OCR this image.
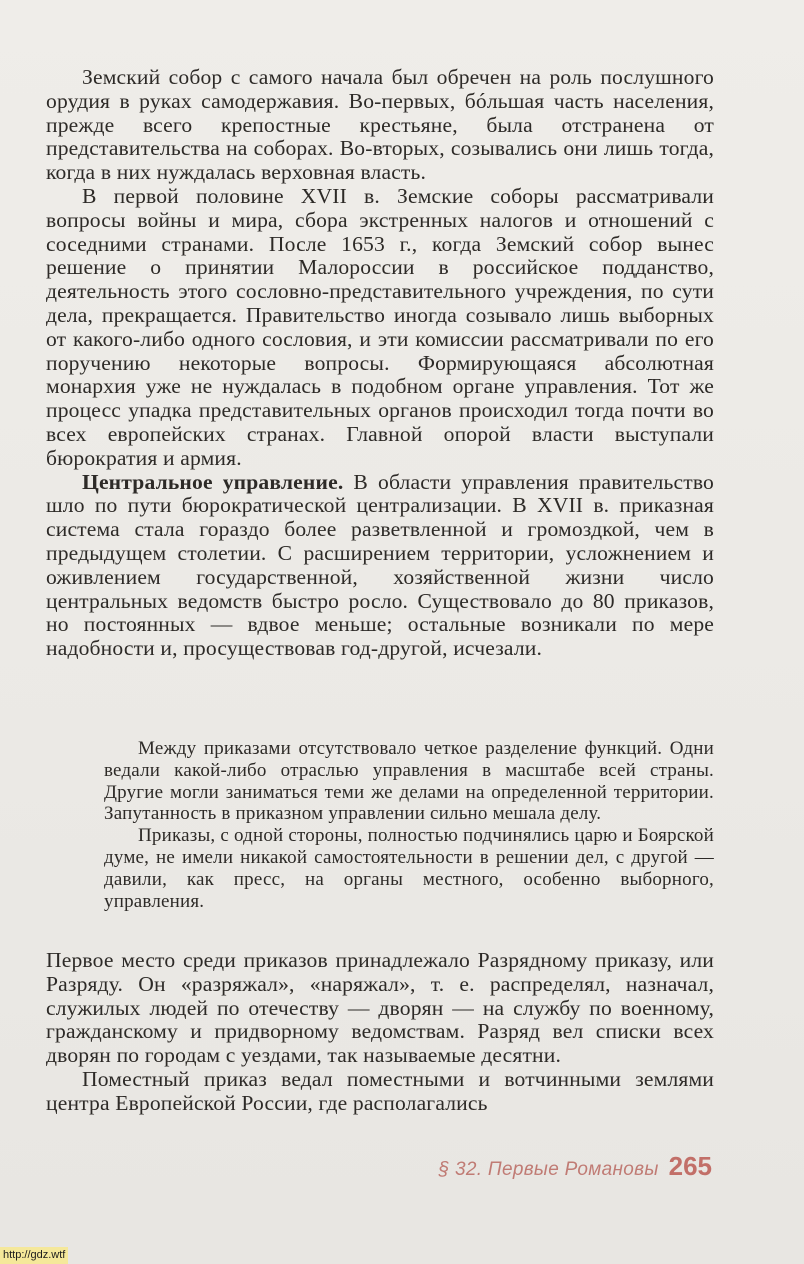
Земский собор с самого начала был обречен на роль послушного орудия в руках самодержавия. Во-первых, бóльшая часть населения, прежде всего крепостные крестьяне, была отстранена от представительства на соборах. Во-вторых, созывались они лишь тогда, когда в них нуждалась верховная власть.

В первой половине XVII в. Земские соборы рассматривали вопросы войны и мира, сбора экстренных налогов и отношений с соседними странами. После 1653 г., когда Земский собор вынес решение о принятии Малороссии в российское подданство, деятельность этого сословно-представительного учреждения, по сути дела, прекращается. Правительство иногда созывало лишь выборных от какого-либо одного сословия, и эти комиссии рассматривали по его поручению некоторые вопросы. Формирующаяся абсолютная монархия уже не нуждалась в подобном органе управления. Тот же процесс упадка представительных органов происходил тогда почти во всех европейских странах. Главной опорой власти выступали бюрократия и армия.

Центральное управление. В области управления правительство шло по пути бюрократической централизации. В XVII в. приказная система стала гораздо более разветвленной и громоздкой, чем в предыдущем столетии. С расширением территории, усложнением и оживлением государственной, хозяйственной жизни число центральных ведомств быстро росло. Существовало до 80 приказов, но постоянных — вдвое меньше; остальные возникали по мере надобности и, просуществовав год-другой, исчезали.

Между приказами отсутствовало четкое разделение функций. Одни ведали какой-либо отраслью управления в масштабе всей страны. Другие могли заниматься теми же делами на определенной территории. Запутанность в приказном управлении сильно мешала делу.

Приказы, с одной стороны, полностью подчинялись царю и Боярской думе, не имели никакой самостоятельности в решении дел, с другой — давили, как пресс, на органы местного, особенно выборного, управления.

Первое место среди приказов принадлежало Разрядному приказу, или Разряду. Он «разряжал», «наряжал», т. е. распределял, назначал, служилых людей по отечеству — дворян — на службу по военному, гражданскому и придворному ведомствам. Разряд вел списки всех дворян по городам с уездами, так называемые десятни.

Поместный приказ ведал поместными и вотчинными землями центра Европейской России, где располагались

§ 32. Первые Романовы 265
http://gdz.wtf
